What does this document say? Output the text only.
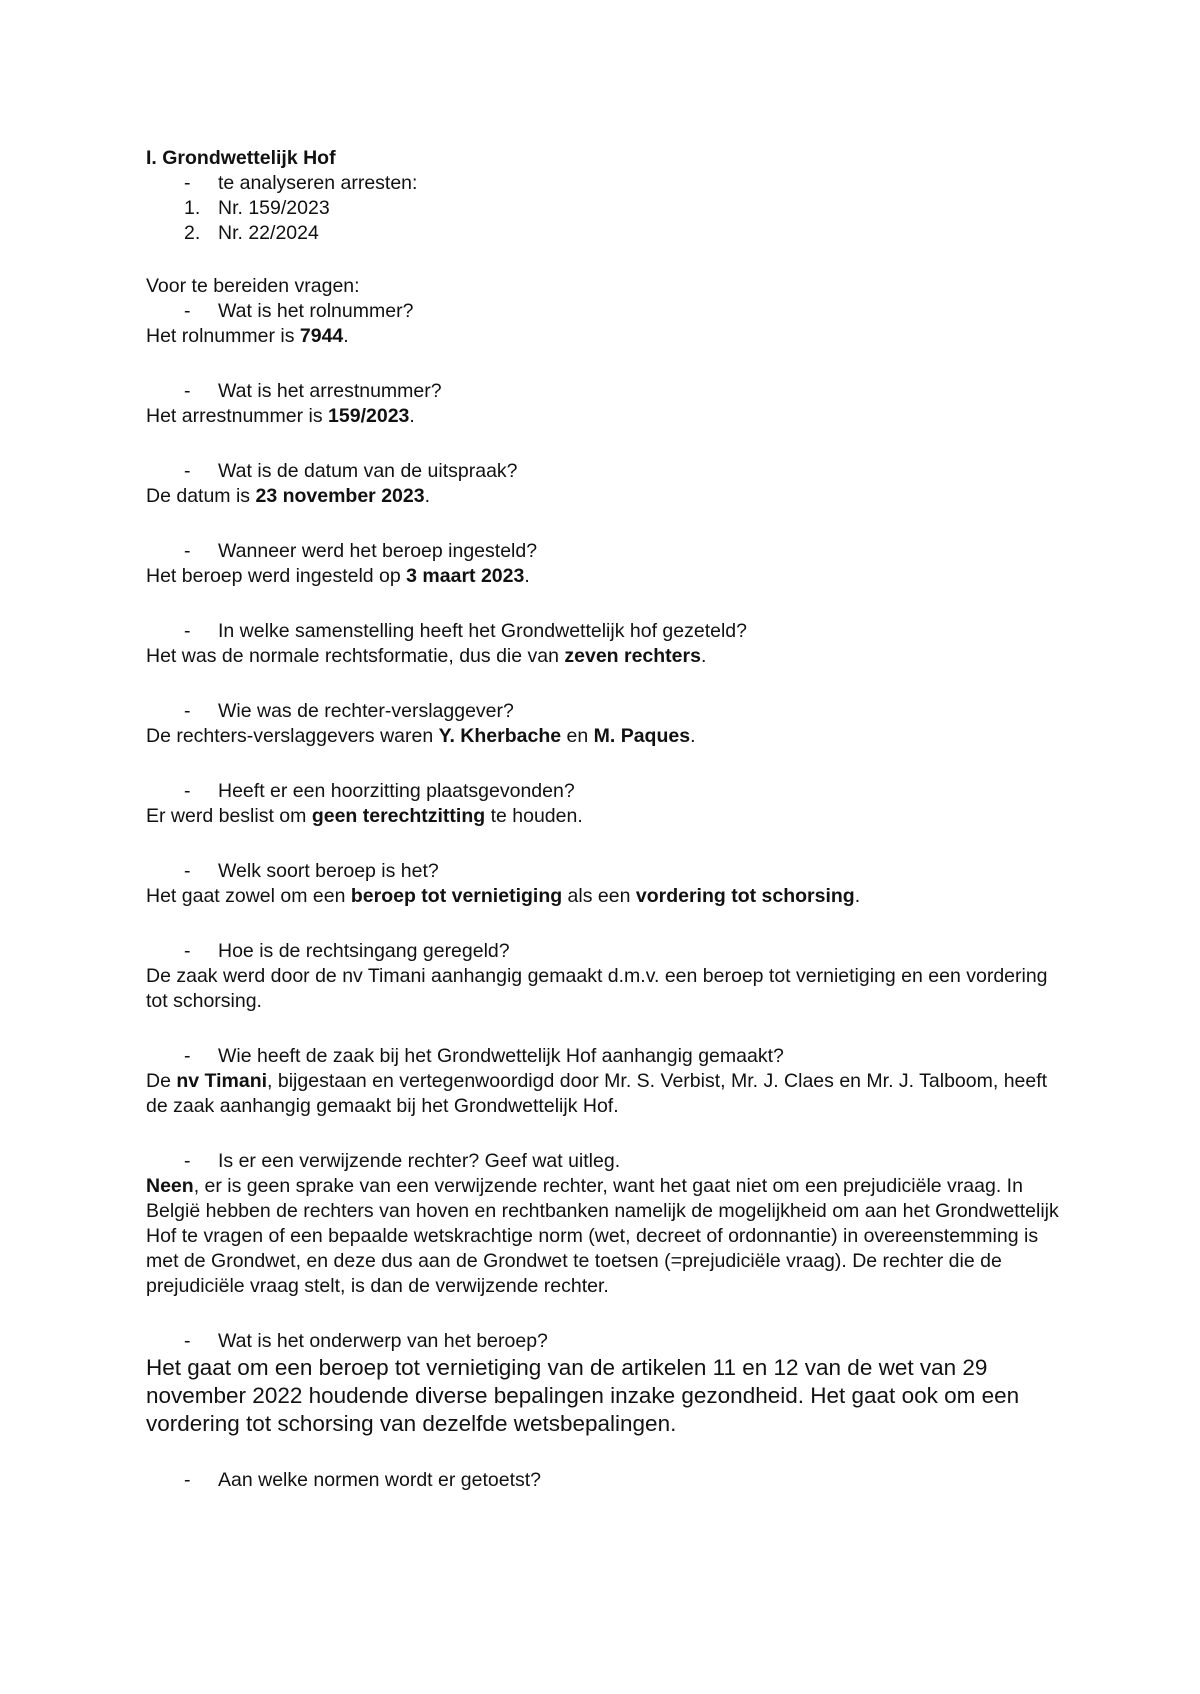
I. Grondwettelijk Hof
- te analyseren arresten:
1. Nr. 159/2023
2. Nr. 22/2024
Voor te bereiden vragen:
- Wat is het rolnummer?

Het rolnummer is 7944.

- Wat is het arrestnummer?

Het arrestnummer is 159/2023.

- Wat is de datum van de uitspraak?

De datum is 23 november 2023.

- Wanneer werd het beroep ingesteld?

Het beroep werd ingesteld op 3 maart 2023.

- In welke samenstelling heeft het Grondwettelijk hof gezeteld?

Het was de normale rechtsformatie, dus die van zeven rechters.

- Wie was de rechter-verslaggever?

De rechters-verslaggevers waren Y. Kherbache en M. Paques.

- Heeft er een hoorzitting plaatsgevonden?

Er werd beslist om geen terechtzitting te houden.

- Welk soort beroep is het?

Het gaat zowel om een beroep tot vernietiging als een vordering tot schorsing.

- Hoe is de rechtsingang geregeld?

De zaak werd door de nv Timani aanhangig gemaakt d.m.v. een beroep tot vernietiging en een vordering tot schorsing.

- Wie heeft de zaak bij het Grondwettelijk Hof aanhangig gemaakt?

De nv Timani, bijgestaan en vertegenwoordigd door Mr. S. Verbist, Mr. J. Claes en Mr. J. Talboom, heeft de zaak aanhangig gemaakt bij het Grondwettelijk Hof.

- Is er een verwijzende rechter? Geef wat uitleg.

Neen, er is geen sprake van een verwijzende rechter, want het gaat niet om een prejudiciële vraag. In België hebben de rechters van hoven en rechtbanken namelijk de mogelijkheid om aan het Grondwettelijk Hof te vragen of een bepaalde wetskrachtige norm (wet, decreet of ordonnantie) in overeenstemming is met de Grondwet, en deze dus aan de Grondwet te toetsen (=prejudiciële vraag). De rechter die de prejudiciële vraag stelt, is dan de verwijzende rechter.

- Wat is het onderwerp van het beroep?

Het gaat om een beroep tot vernietiging van de artikelen 11 en 12 van de wet van 29 november 2022 houdende diverse bepalingen inzake gezondheid. Het gaat ook om een vordering tot schorsing van dezelfde wetsbepalingen.

- Aan welke normen wordt er getoetst?
